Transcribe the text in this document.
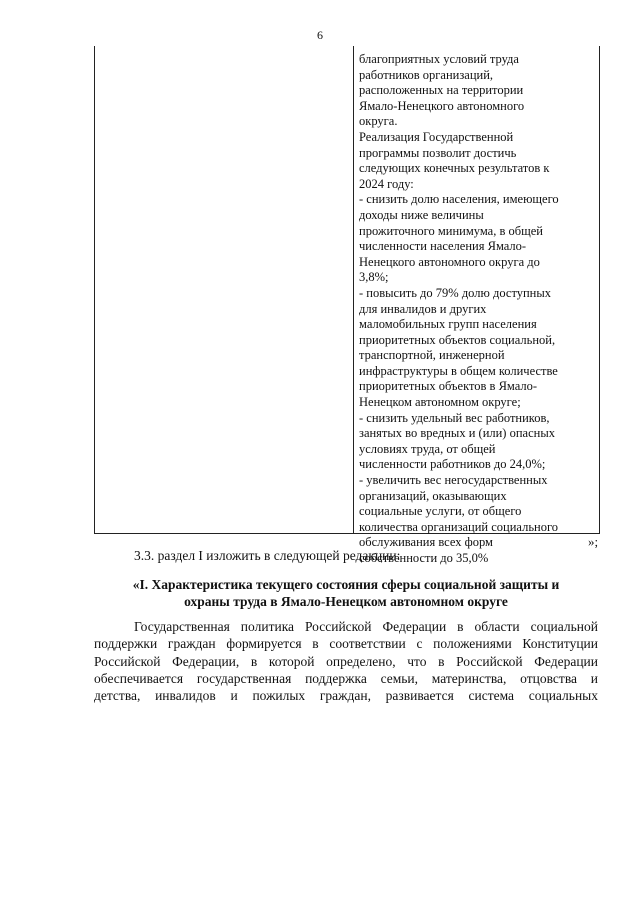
6

благоприятных условий труда
работников организаций,
расположенных на территории
Ямало-Ненецкого автономного
округа.
Реализация Государственной
программы позволит достичь
следующих конечных результатов к
2024 году:
- снизить долю населения, имеющего
доходы ниже величины
прожиточного минимума, в общей
численности населения Ямало-
Ненецкого автономного округа до
3,8%;
- повысить до 79% долю доступных
для инвалидов и других
маломобильных групп населения
приоритетных объектов социальной,
транспортной, инженерной
инфраструктуры в общем количестве
приоритетных объектов в Ямало-
Ненецком автономном округе;
- снизить удельный вес работников,
занятых во вредных и (или) опасных
условиях труда, от общей
численности работников до 24,0%;
- увеличить вес негосударственных
организаций, оказывающих
социальные услуги, от общего
количества организаций социального
обслуживания всех форм
собственности до 35,0%

»;
3.3. раздел I изложить в следующей редакции:
«I. Характеристика текущего состояния сферы социальной защиты и
охраны труда в Ямало-Ненецком автономном округе

Государственная политика Российской Федерации в области социальной
поддержки граждан формируется в соответствии с положениями Конституции
Российской Федерации, в которой определено, что в Российской Федерации
обеспечивается государственная поддержка семьи, материнства, отцовства и
детства, инвалидов и пожилых граждан, развивается система социальных
